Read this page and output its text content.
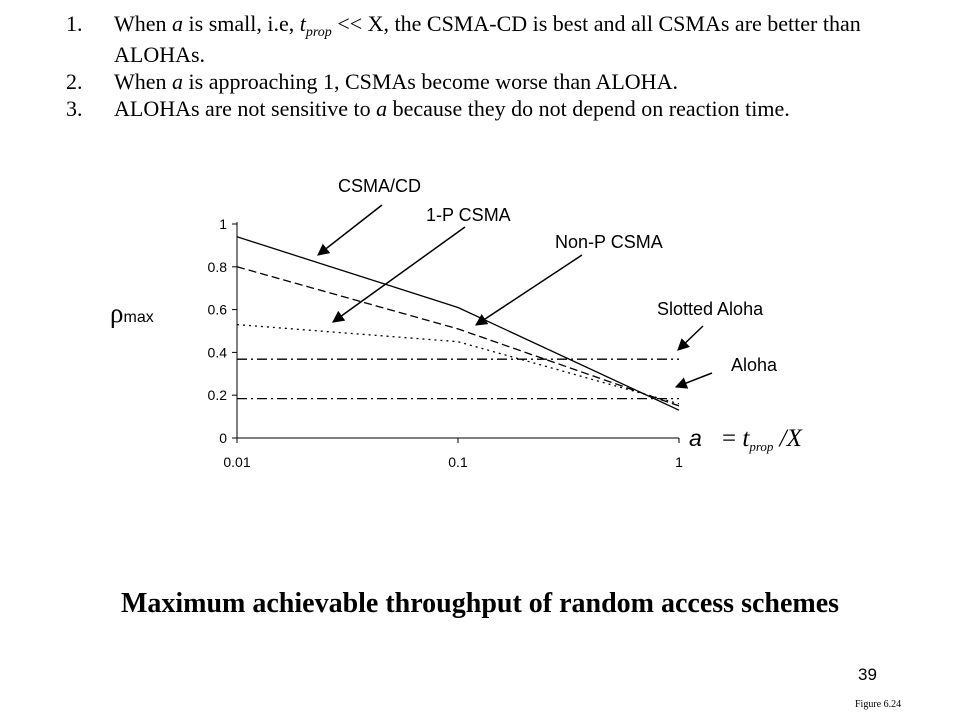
1. When a is small, i.e, $t_{prop} << X$, the CSMA-CD is best and all CSMAs are better than ALOHAs.
2. When a is approaching 1, CSMAs become worse than ALOHA.
3. ALOHAs are not sensitive to a because they do not depend on reaction time.
0
0.2
0.4
0.6
0.8
1
0.01	0.1	1
CSMA/CD
1-P CSMA
Non-P CSMA
Slotted Aloha
Aloha
ρmax
$a = t_{prop}$ /X
Maximum achievable throughput of random access schemes
39
Figure 6.24
